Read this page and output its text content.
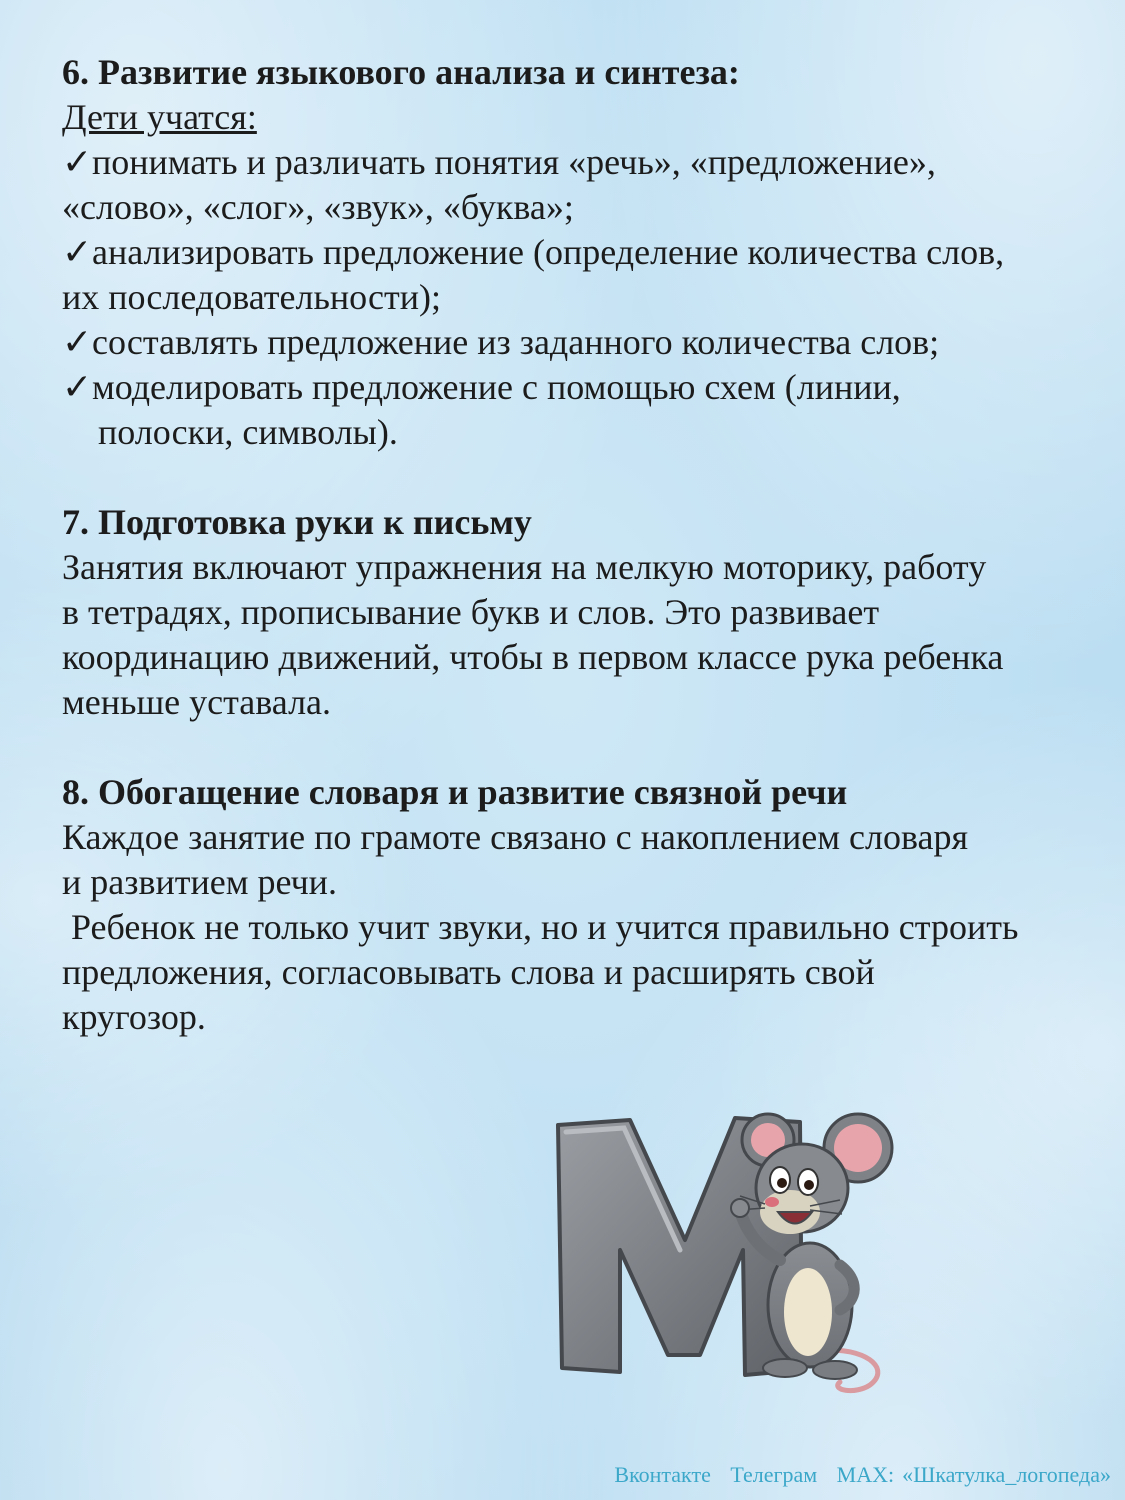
6. Развитие языкового анализа и синтеза:
Дети учатся:
✓понимать и различать понятия «речь», «предложение»,
«слово», «слог», «звук», «буква»;
✓анализировать предложение (определение количества слов,
их последовательности);
✓составлять предложение из заданного количества слов;
✓моделировать предложение с помощью схем (линии,
полоски, символы).
7. Подготовка руки к письму
Занятия включают упражнения на мелкую моторику, работу
в тетрадях, прописывание букв и слов. Это развивает
координацию движений, чтобы в первом классе рука ребенка
меньше уставала.
8. Обогащение словаря и развитие связной речи
Каждое занятие по грамоте связано с накоплением словаря
и развитием речи.
Ребенок не только учит звуки, но и учится правильно строить
предложения, согласовывать слова и расширять свой
кругозор.
Вконтакте Телеграм МАХ: «Шкатулка_логопеда»
